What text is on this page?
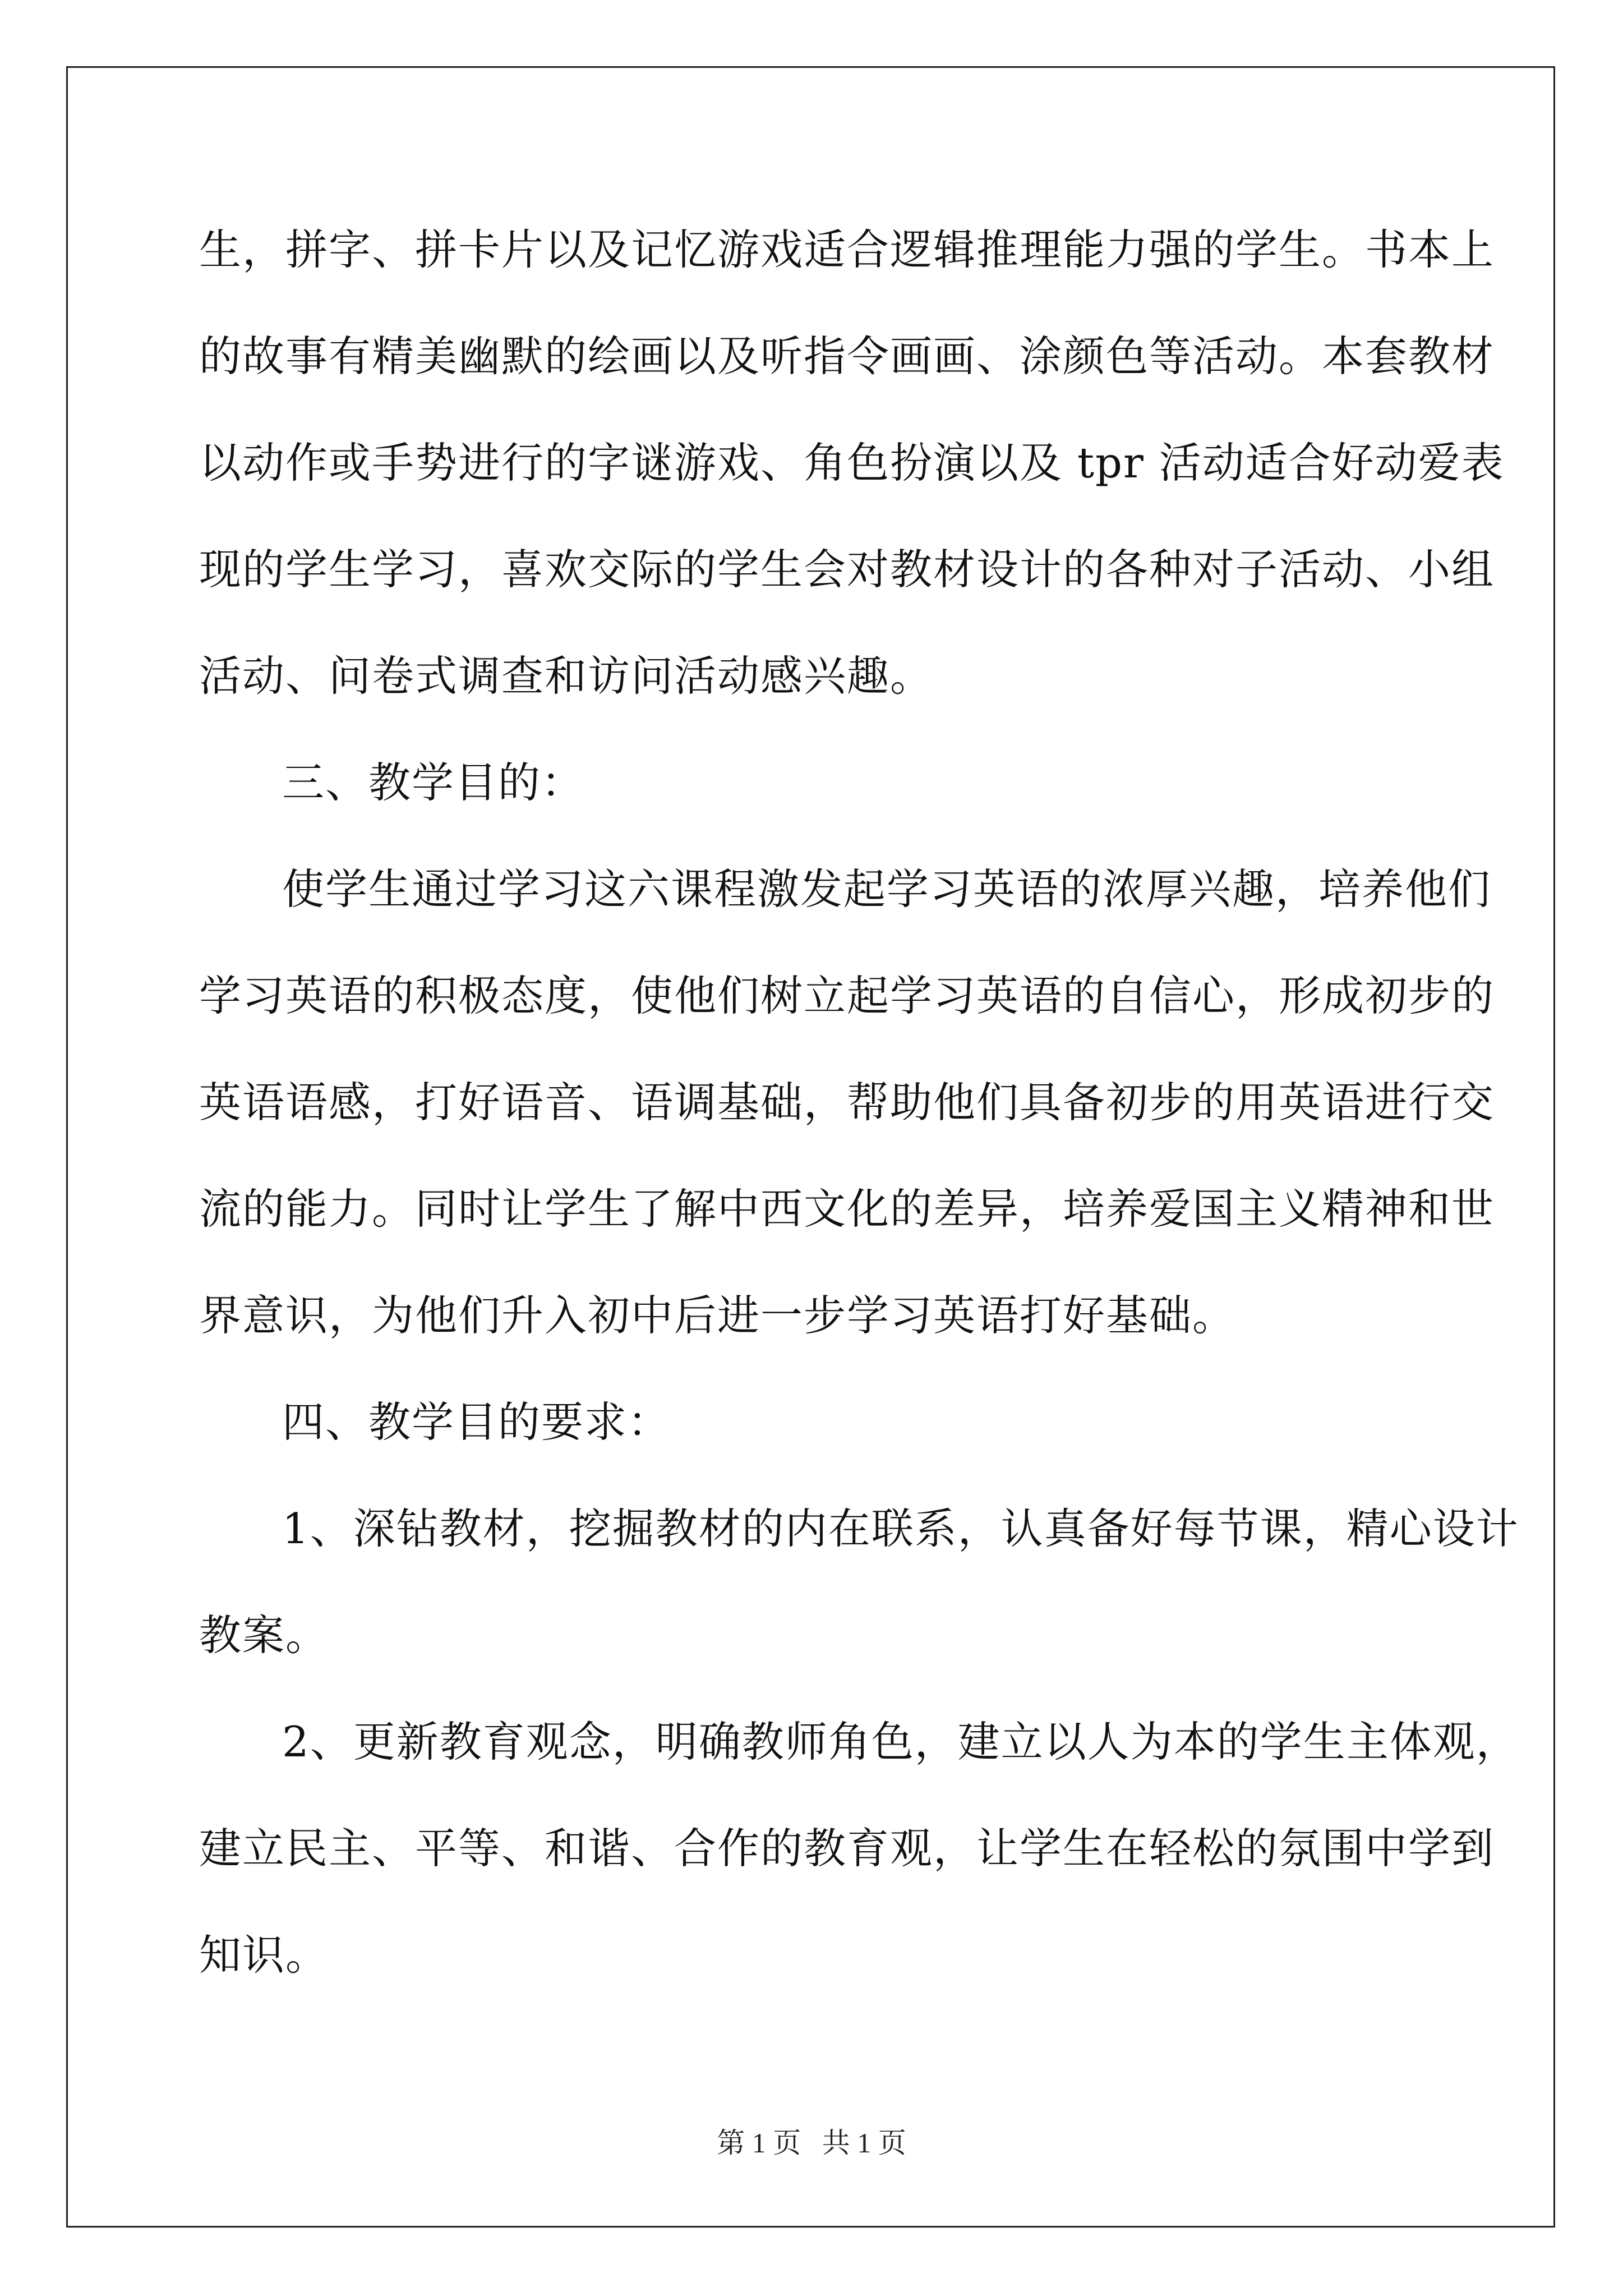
生，拼字、拼卡片以及记忆游戏适合逻辑推理能力强的学生。书本上

的故事有精美幽默的绘画以及听指令画画、涂颜色等活动。本套教材

以动作或手势进行的字谜游戏、角色扮演以及 tpr 活动适合好动爱表

现的学生学习，喜欢交际的学生会对教材设计的各种对子活动、小组

活动、问卷式调查和访问活动感兴趣。

三、教学目的：

使学生通过学习这六课程激发起学习英语的浓厚兴趣，培养他们

学习英语的积极态度，使他们树立起学习英语的自信心，形成初步的

英语语感，打好语音、语调基础，帮助他们具备初步的用英语进行交

流的能力。同时让学生了解中西文化的差异，培养爱国主义精神和世

界意识，为他们升入初中后进一步学习英语打好基础。

四、教学目的要求：

1、深钻教材，挖掘教材的内在联系，认真备好每节课，精心设计

教案。

2、更新教育观念，明确教师角色，建立以人为本的学生主体观，

建立民主、平等、和谐、合作的教育观，让学生在轻松的氛围中学到

知识。

第 1 页   共 1 页
